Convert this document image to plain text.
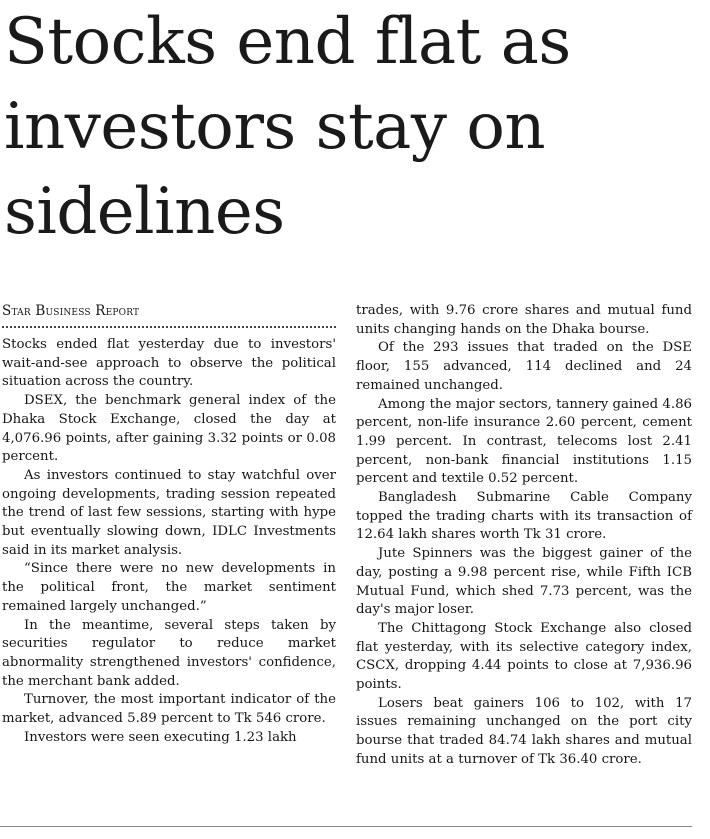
Stocks end flat as investors stay on sidelines
Star Business Report

Stocks ended flat yesterday due to investors' wait-and-see approach to observe the political situation across the country.

DSEX, the benchmark general index of the Dhaka Stock Exchange, closed the day at 4,076.96 points, after gaining 3.32 points or 0.08 percent.

As investors continued to stay watchful over ongoing developments, trading session repeated the trend of last few sessions, starting with hype but eventually slowing down, IDLC Investments said in its market analysis.

“Since there were no new developments in the political front, the market sentiment remained largely unchanged.”

In the meantime, several steps taken by securities regulator to reduce market abnormality strengthened investors' confidence, the merchant bank added.

Turnover, the most important indicator of the market, advanced 5.89 percent to Tk 546 crore.

Investors were seen executing 1.23 lakh

trades, with 9.76 crore shares and mutual fund units changing hands on the Dhaka bourse.

Of the 293 issues that traded on the DSE floor, 155 advanced, 114 declined and 24 remained unchanged.

Among the major sectors, tannery gained 4.86 percent, non-life insurance 2.60 percent, cement 1.99 percent. In contrast, telecoms lost 2.41 percent, non-bank financial institutions 1.15 percent and textile 0.52 percent.

Bangladesh Submarine Cable Company topped the trading charts with its transaction of 12.64 lakh shares worth Tk 31 crore.

Jute Spinners was the biggest gainer of the day, posting a 9.98 percent rise, while Fifth ICB Mutual Fund, which shed 7.73 percent, was the day's major loser.

The Chittagong Stock Exchange also closed flat yesterday, with its selective category index, CSCX, dropping 4.44 points to close at 7,936.96 points.

Losers beat gainers 106 to 102, with 17 issues remaining unchanged on the port city bourse that traded 84.74 lakh shares and mutual fund units at a turnover of Tk 36.40 crore.
